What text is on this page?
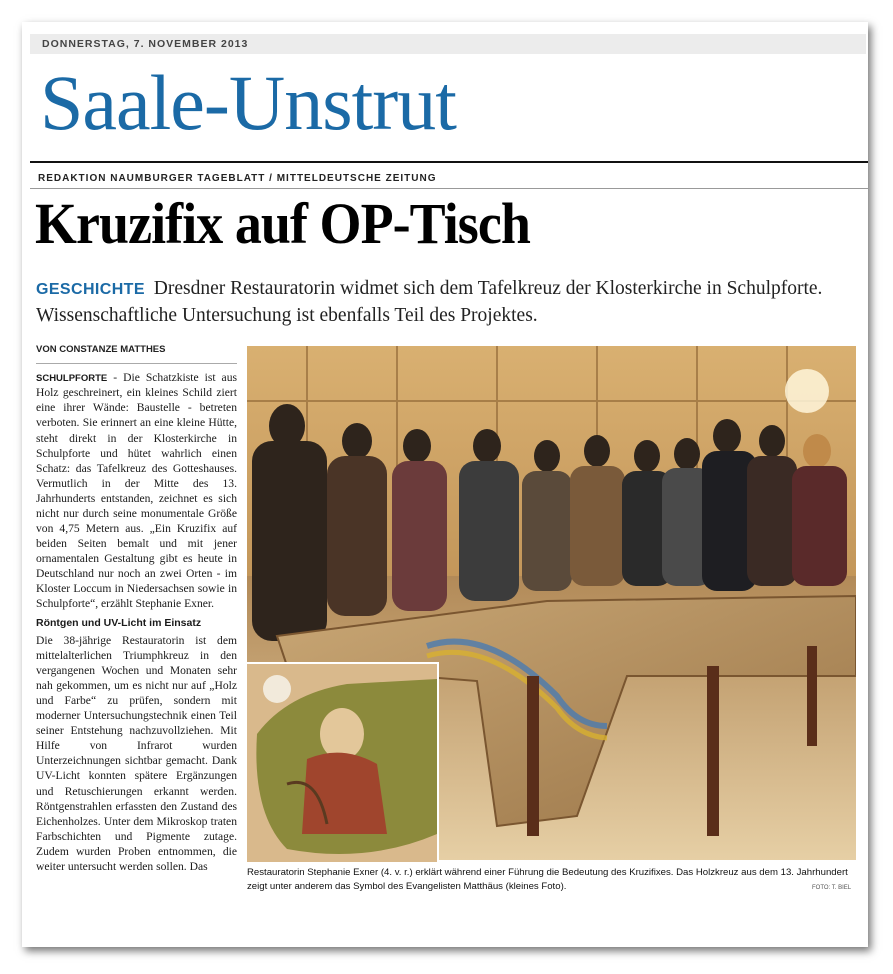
DONNERSTAG, 7. NOVEMBER 2013
Saale-Unstrut
REDAKTION NAUMBURGER TAGEBLATT / MITTELDEUTSCHE ZEITUNG
Kruzifix auf OP-Tisch
GESCHICHTE Dresdner Restauratorin widmet sich dem Tafelkreuz der Klosterkirche in Schulpforte. Wissenschaftliche Untersuchung ist ebenfalls Teil des Projektes.
VON CONSTANZE MATTHES

SCHULPFORTE - Die Schatzkiste ist aus Holz geschreinert, ein kleines Schild ziert eine ihrer Wände: Baustelle - betreten verboten. Sie erinnert an eine kleine Hütte, steht direkt in der Klosterkirche in Schulpforte und hütet wahrlich einen Schatz: das Tafelkreuz des Gotteshauses. Vermutlich in der Mitte des 13. Jahrhunderts entstanden, zeichnet es sich nicht nur durch seine monumentale Größe von 4,75 Metern aus. „Ein Kruzifix auf beiden Seiten bemalt und mit jener ornamentalen Gestaltung gibt es heute in Deutschland nur noch an zwei Orten - im Kloster Loccum in Niedersachsen sowie in Schulpforte“, erzählt Stephanie Exner.

Röntgen und UV-Licht im Einsatz

Die 38-jährige Restauratorin ist dem mittelalterlichen Triumphkreuz in den vergangenen Wochen und Monaten sehr nah gekommen, um es nicht nur auf „Holz und Farbe“ zu prüfen, sondern mit moderner Untersuchungstechnik einen Teil seiner Entstehung nachzuvollziehen. Mit Hilfe von Infrarot wurden Unterzeichnungen sichtbar gemacht. Dank UV-Licht konnten spätere Ergänzungen und Retuschierungen erkannt werden. Röntgenstrahlen erfassten den Zustand des Eichenholzes. Unter dem Mikroskop traten Farbschichten und Pigmente zutage. Zudem wurden Proben entnommen, die weiter untersucht werden sollen. Das	Restauratorin Stephanie Exner (4. v. r.) erklärt während einer Führung die Bedeutung des Kruzifixes. Das Holzkreuz aus dem 13. Jahrhundert zeigt unter anderem das Symbol des Evangelisten Matthäus (kleines Foto).	FOTO: T. BIEL
